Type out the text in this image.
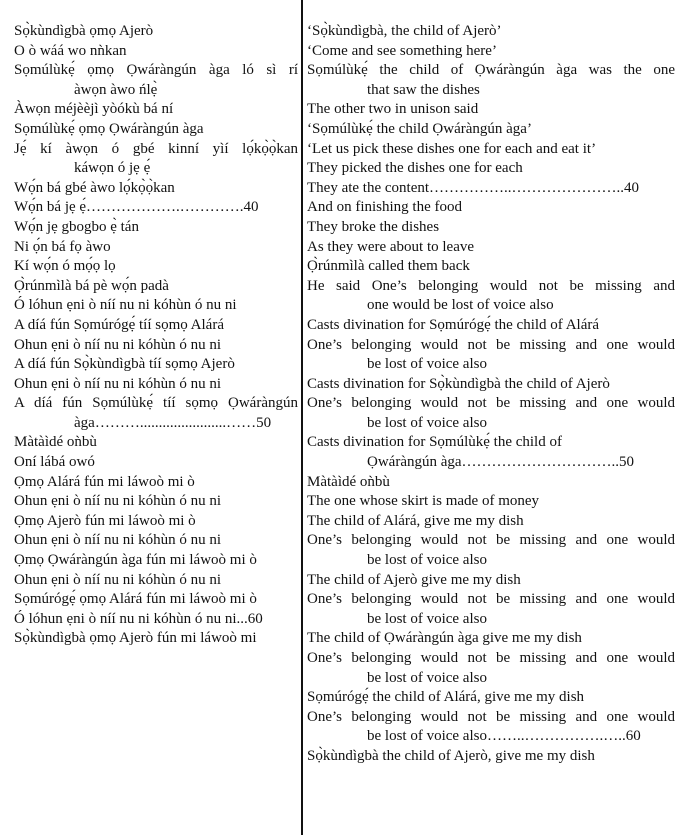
Sọ̀kùndìgbà ọmọ Ajerò
O ò wáá wo nǹkan
Sọmúlùkẹ́ ọmọ Ọwáràngún àga ló sì rí
àwọn àwo ńlẹ̀
Àwọn méjèèjì yòókù bá ní
Sọmúlùkẹ́ ọmọ Ọwáràngún àga
Jẹ́ kí àwọn ó gbé kinní yìí lọ́kọ̀ọ̀kan
káwọn ó jẹ ẹ́
Wọ́n bá gbé àwo lọ́kọ̀ọ̀kan
Wọ́n bá jẹ ẹ́……………….………….40
Wọ́n jẹ gbogbo ẹ̀ tán
Ni ọ́n bá fọ àwo
Kí wọ́n ó mọ́ọ lọ
Ọ̀rúnmìlà bá pè wọ́n padà
Ó lóhun ẹni ò níí nu ni kóhùn ó nu ni
A díá fún Sọmúrógẹ́ tíí sọmọ Alárá
Ohun ẹni ò níí nu ni kóhùn ó nu ni
A díá fún Sọ̀kùndìgbà tíí sọmọ Ajerò
Ohun ẹni ò níí nu ni kóhùn ó nu ni
A díá fún Sọmúlùkẹ́ tíí sọmọ Ọwáràngún
àga……….......................……50
Màtàìdé oǹbù
Oní lábá owó
Ọmọ Alárá fún mi láwoò mi ò
Ohun ẹni ò níí nu ni kóhùn ó nu ni
Ọmọ Ajerò fún mi láwoò mi ò
Ohun ẹni ò níí nu ni kóhùn ó nu ni
Ọmọ Ọwáràngún àga fún mi láwoò mi ò
Ohun ẹni ò níí nu ni kóhùn ó nu ni
Sọmúrógẹ́ ọmọ Alárá fún mi láwoò mi ò
Ó lóhun ẹni ò níí nu ni kóhùn ó nu ni...60
Sọ̀kùndìgbà ọmọ Ajerò fún mi láwoò mi
‘Sọ̀kùndìgbà, the child of Ajerò’
‘Come and see something here’
Sọmúlùkẹ́ the child of Ọwáràngún àga was the one
that saw the dishes
The other two in unison said
‘Sọmúlùkẹ́ the child Ọwáràngún àga’
‘Let us pick these dishes one for each and eat it’
They picked the dishes one for each
They ate the content……………..…………………..40
And on finishing the food
They broke the dishes
As they were about to leave
Ọ̀rúnmìlà called them back
He said One’s belonging would not be missing and
one would be lost of voice also
Casts divination for Sọmúrógẹ́ the child of Alárá
One’s belonging would not be missing and one would
be lost of voice also
Casts divination for Sọ̀kùndìgbà the child of Ajerò
One’s belonging would not be missing and one would
be lost of voice also
Casts divination for Sọmúlùkẹ́ the child of
Ọwáràngún àga…………………………..50
Màtàìdé oǹbù
The one whose skirt is made of money
The child of Alárá, give me my dish
One’s belonging would not be missing and one would
be lost of voice also
The child of Ajerò give me my dish
One’s belonging would not be missing and one would
be lost of voice also
The child of Ọwáràngún àga give me my dish
One’s belonging would not be missing and one would
be lost of voice also
Sọmúrógẹ́ the child of Alárá, give me my dish
One’s belonging would not be missing and one would
be lost of voice also……..…………….…..60
Sọ̀kùndìgbà the child of Ajerò, give me my dish
